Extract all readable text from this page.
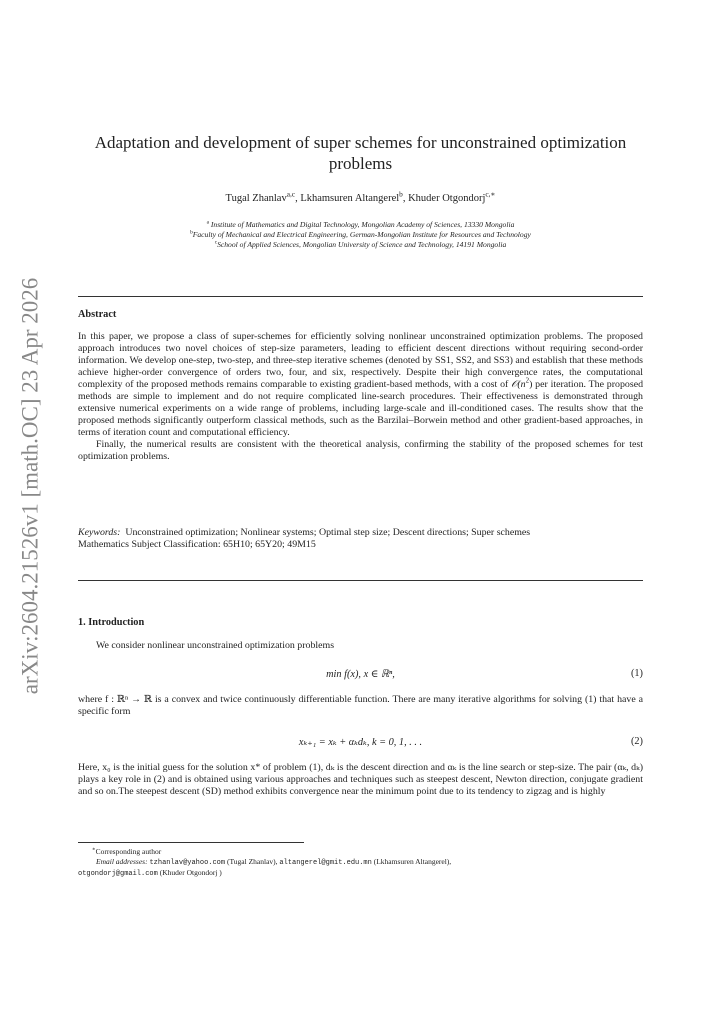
arXiv:2604.21526v1 [math.OC] 23 Apr 2026
Adaptation and development of super schemes for unconstrained optimization
problems
Tugal Zhanlav$^{a,c}$, Lkhamsuren Altangerel$^b$, Khuder Otgondorj$^{c,∗}$
$^a$ Institute of Mathematics and Digital Technology, Mongolian Academy of Sciences, 13330 Mongolia
$^b$Faculty of Mechanical and Electrical Engineering, German-Mongolian Institute for Resources and Technology
$^c$School of Applied Sciences, Mongolian University of Science and Technology, 14191 Mongolia
Abstract

In this paper, we propose a class of super-schemes for efficiently solving nonlinear unconstrained optimization problems. The proposed approach introduces two novel choices of step-size parameters, leading to efficient descent directions without requiring second-order information. We develop one-step, two-step, and three-step iterative schemes (denoted by SS1, SS2, and SS3) and establish that these methods achieve higher-order convergence of orders two, four, and six, respectively. Despite their high convergence rates, the computational complexity of the proposed methods remains comparable to existing gradient-based methods, with a cost of $𝒪(n^2)$ per iteration. The proposed methods are simple to implement and do not require complicated line-search procedures. Their effectiveness is demonstrated through extensive numerical experiments on a wide range of problems, including large-scale and ill-conditioned cases. The results show that the proposed methods significantly outperform classical methods, such as the Barzilai–Borwein method and other gradient-based approaches, in terms of iteration count and computational efficiency.

Finally, the numerical results are consistent with the theoretical analysis, confirming the stability of the proposed schemes for test optimization problems.

Keywords: Unconstrained optimization; Nonlinear systems; Optimal step size; Descent directions; Super schemes
Mathematics Subject Classification: 65H10; 65Y20; 49M15
1. Introduction
We consider nonlinear unconstrained optimization problems
min f(x), x ∈ ℝⁿ,	(1)
where f : ℝⁿ → ℝ is a convex and twice continuously differentiable function. There are many iterative algorithms for solving (1) that have a specific form
xₖ₊₁ = xₖ + αₖdₖ, k = 0, 1, . . .	(2)
Here, x₀ is the initial guess for the solution x* of problem (1), dₖ is the descent direction and αₖ is the line search or step-size. The pair (αₖ, dₖ) plays a key role in (2) and is obtained using various approaches and techniques such as steepest descent, Newton direction, conjugate gradient and so on.The steepest descent (SD) method exhibits convergence near the minimum point due to its tendency to zigzag and is highly
∗Corresponding author
Email addresses: tzhanlav@yahoo.com (Tugal Zhanlav), altangerel@gmit.edu.mn (Lkhamsuren Altangerel),
otgondorj@gmail.com (Khuder Otgondorj )
